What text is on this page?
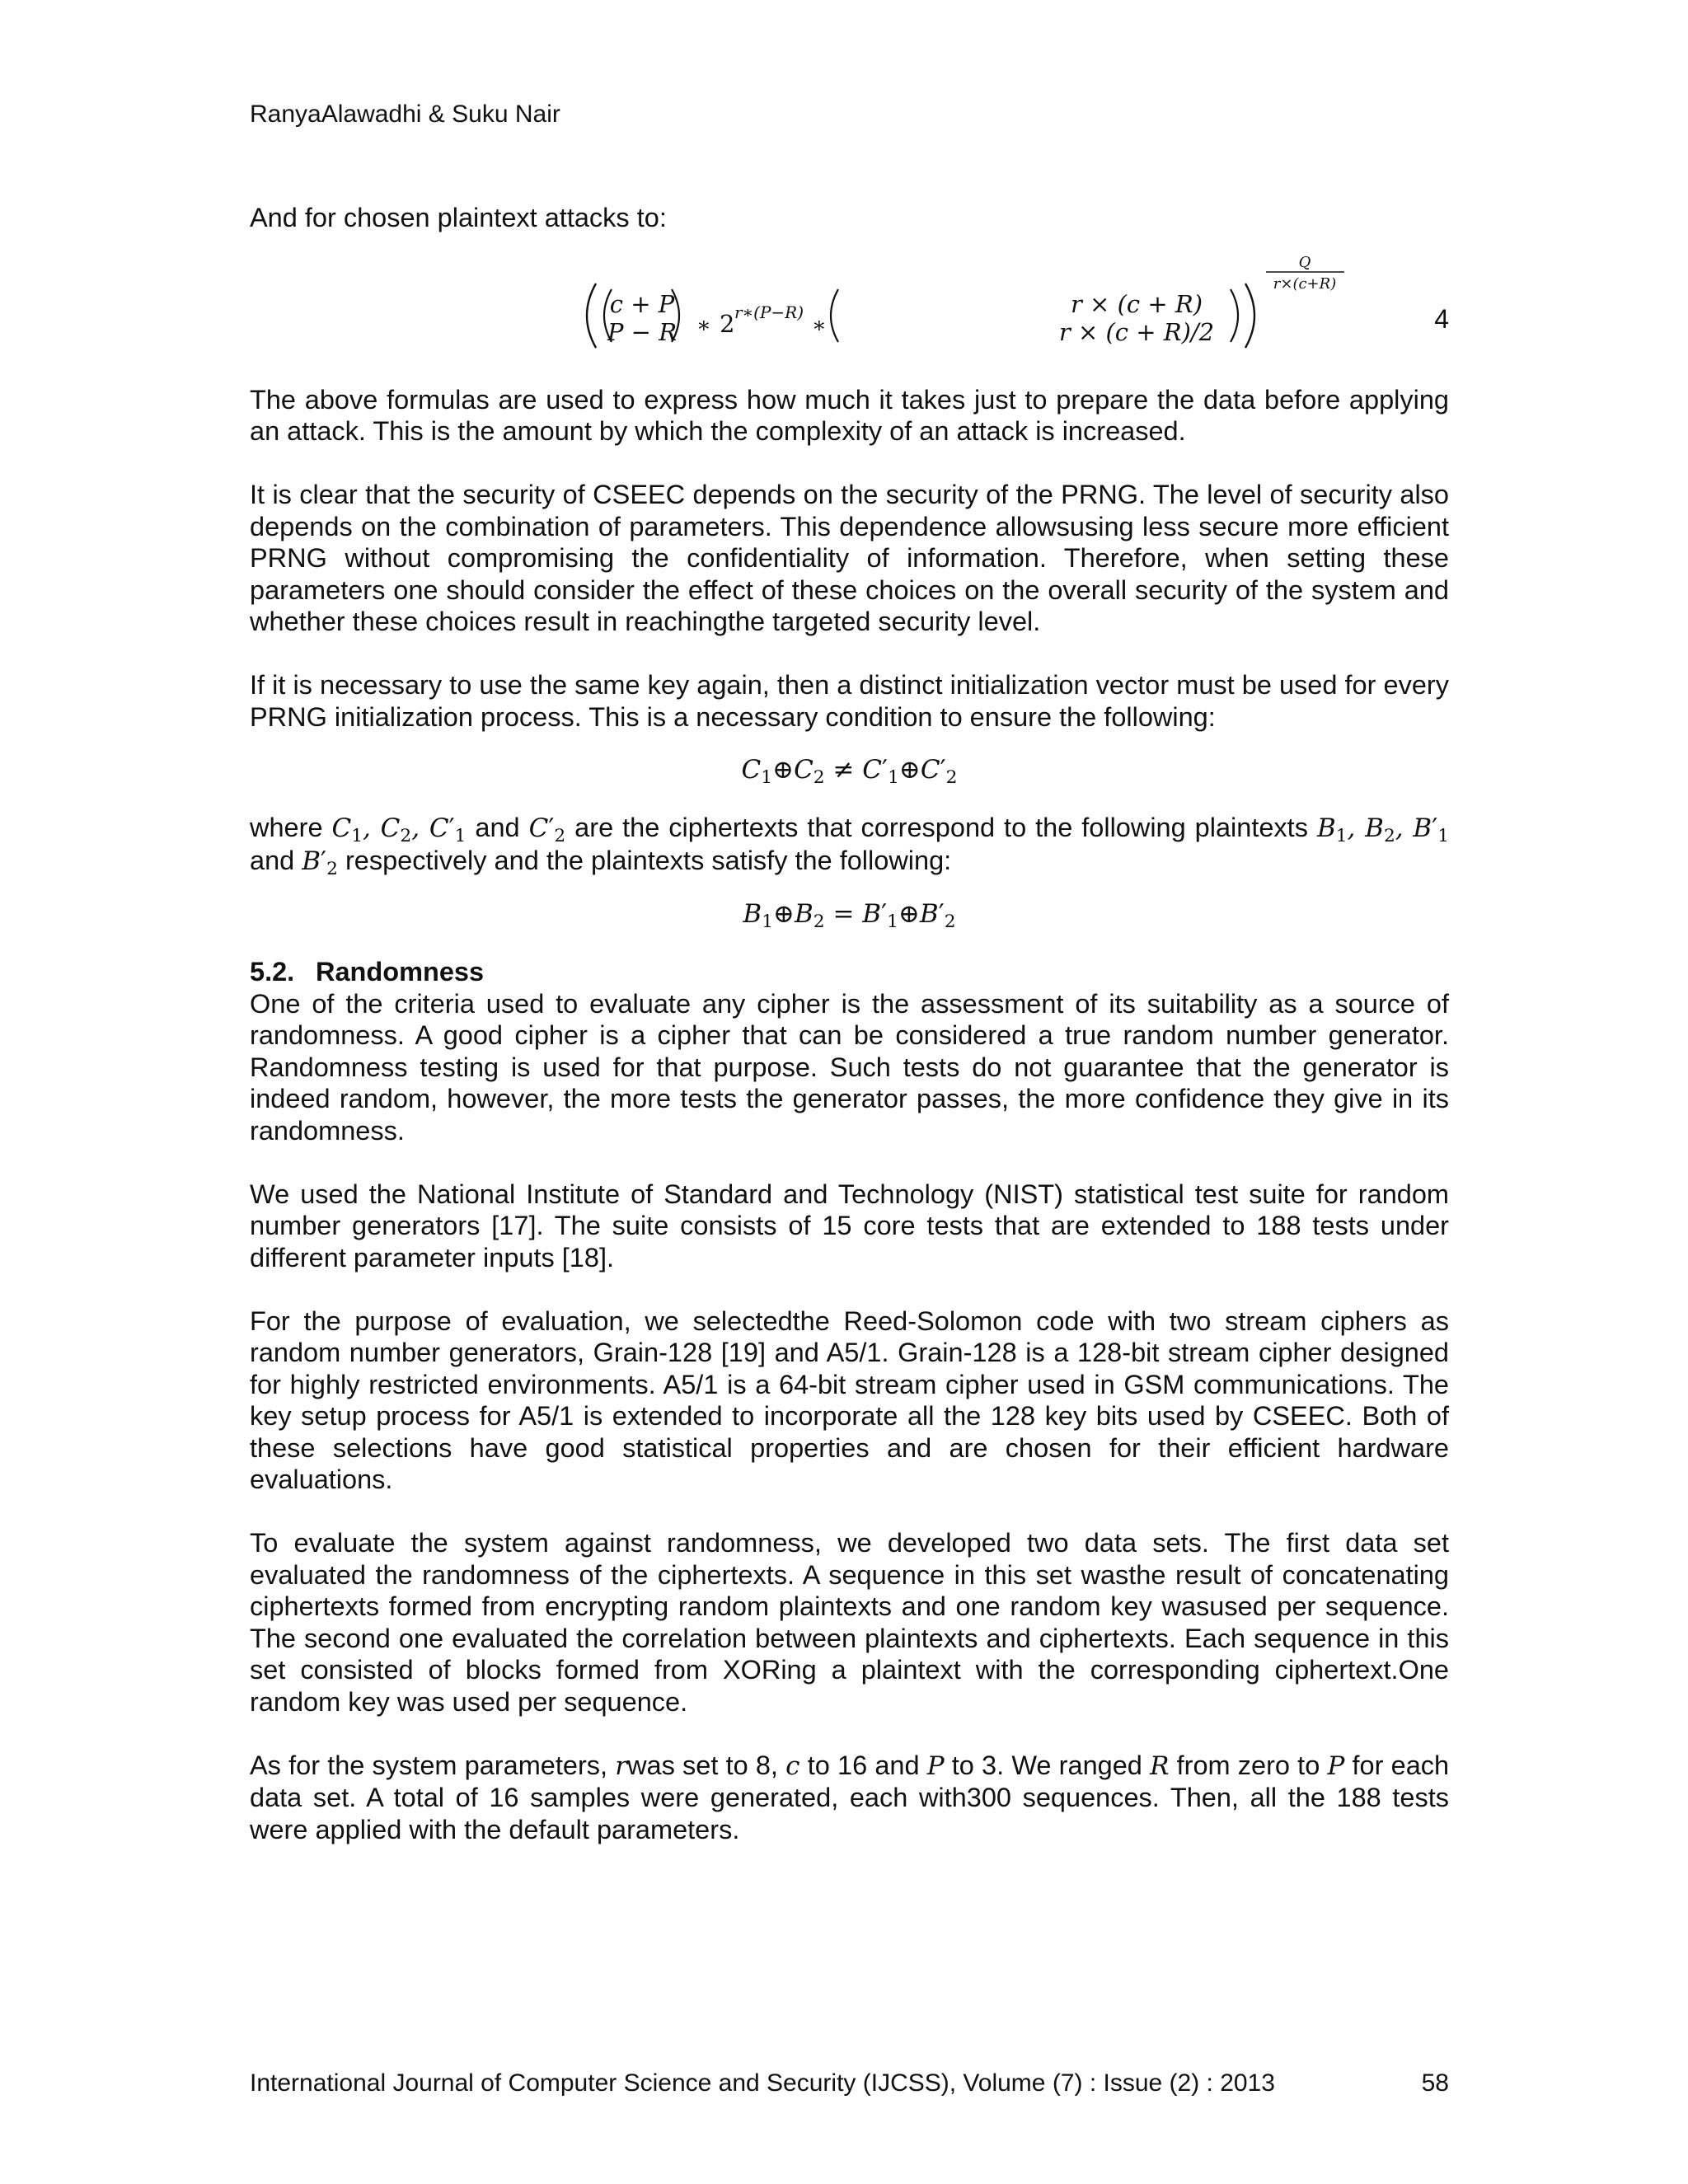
RanyaAlawadhi & Suku Nair

And for chosen plaintext attacks to:

c + P
P − R ∗ 2 r∗(P−R)
∗
r × (c + R)
r × (c + R)/2
Q
r×(c+R)
4

The above formulas are used to express how much it takes just to prepare the data before applying an attack. This is the amount by which the complexity of an attack is increased.

It is clear that the security of CSEEC depends on the security of the PRNG. The level of security also depends on the combination of parameters. This dependence allowsusing less secure more efficient PRNG without compromising the confidentiality of information. Therefore, when setting these parameters one should consider the effect of these choices on the overall security of the system and whether these choices result in reachingthe targeted security level.

If it is necessary to use the same key again, then a distinct initialization vector must be used for every PRNG initialization process. This is a necessary condition to ensure the following:

$C_1\oplus C_2$ ≠ $C'_1\oplus C'_2$

where $C_1$, $C_2$, $C'_1$ and $C'_2$ are the ciphertexts that correspond to the following plaintexts $B_1$, $B_2$, $B'_1$ and $B'_2$ respectively and the plaintexts satisfy the following:

$B_1\oplus B_2$ = $B'_1\oplus B'_2$

5.2. Randomness

One of the criteria used to evaluate any cipher is the assessment of its suitability as a source of randomness. A good cipher is a cipher that can be considered a true random number generator. Randomness testing is used for that purpose. Such tests do not guarantee that the generator is indeed random, however, the more tests the generator passes, the more confidence they give in its randomness.

We used the National Institute of Standard and Technology (NIST) statistical test suite for random number generators [17]. The suite consists of 15 core tests that are extended to 188 tests under different parameter inputs [18].

For the purpose of evaluation, we selectedthe Reed-Solomon code with two stream ciphers as random number generators, Grain-128 [19] and A5/1. Grain-128 is a 128-bit stream cipher designed for highly restricted environments. A5/1 is a 64-bit stream cipher used in GSM communications. The key setup process for A5/1 is extended to incorporate all the 128 key bits used by CSEEC. Both of these selections have good statistical properties and are chosen for their efficient hardware evaluations.

To evaluate the system against randomness, we developed two data sets. The first data set evaluated the randomness of the ciphertexts. A sequence in this set wasthe result of concatenating ciphertexts formed from encrypting random plaintexts and one random key wasused per sequence. The second one evaluated the correlation between plaintexts and ciphertexts. Each sequence in this set consisted of blocks formed from XORing a plaintext with the corresponding ciphertext.One random key was used per sequence.

As for the system parameters, rwas set to 8, c to 16 and P to 3. We ranged R from zero to P for each data set. A total of 16 samples were generated, each with300 sequences. Then, all the 188 tests were applied with the default parameters.

International Journal of Computer Science and Security (IJCSS), Volume (7) : Issue (2) : 2013	58
